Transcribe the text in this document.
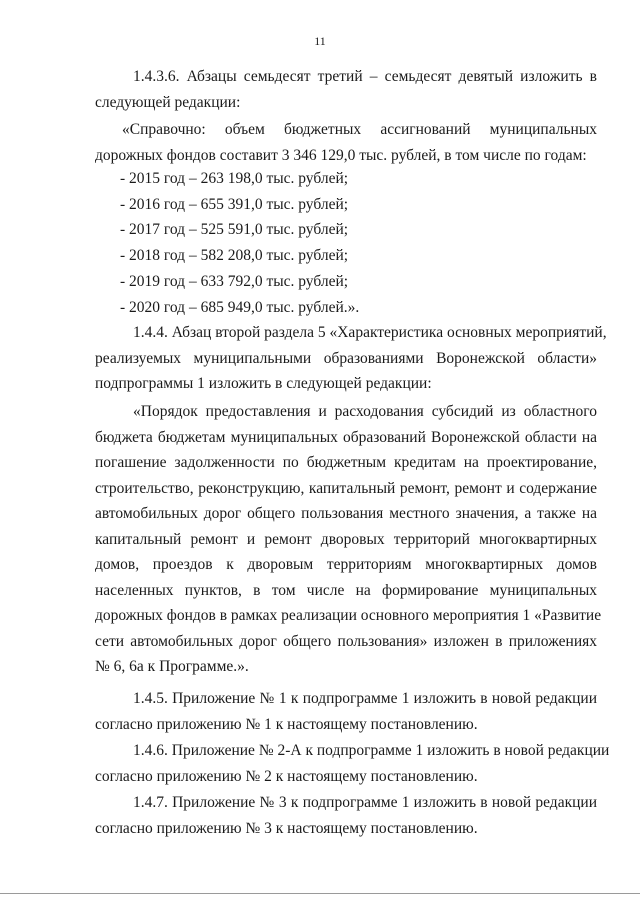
11
1.4.3.6. Абзацы семьдесят третий – семьдесят девятый изложить в
следующей редакции:
«Справочно: объем бюджетных ассигнований муниципальных
дорожных фондов составит 3 346 129,0 тыс. рублей, в том числе по годам:
- 2015 год – 263 198,0 тыс. рублей;
- 2016 год – 655 391,0 тыс. рублей;
- 2017 год – 525 591,0 тыс. рублей;
- 2018 год – 582 208,0 тыс. рублей;
- 2019 год – 633 792,0 тыс. рублей;
- 2020 год – 685 949,0 тыс. рублей.».
1.4.4. Абзац второй раздела 5 «Характеристика основных мероприятий,
реализуемых муниципальными образованиями Воронежской области»
подпрограммы 1 изложить в следующей редакции:
«Порядок предоставления и расходования субсидий из областного
бюджета бюджетам муниципальных образований Воронежской области на
погашение задолженности по бюджетным кредитам на проектирование,
строительство, реконструкцию, капитальный ремонт, ремонт и содержание
автомобильных дорог общего пользования местного значения, а также на
капитальный ремонт и ремонт дворовых территорий многоквартирных
домов, проездов к дворовым территориям многоквартирных домов
населенных пунктов, в том числе на формирование муниципальных
дорожных фондов в рамках реализации основного мероприятия 1 «Развитие
сети автомобильных дорог общего пользования» изложен в приложениях
№ 6, 6а к Программе.».
1.4.5. Приложение № 1 к подпрограмме 1 изложить в новой редакции
согласно приложению № 1 к настоящему постановлению.
1.4.6. Приложение № 2-А к подпрограмме 1 изложить в новой редакции
согласно приложению № 2 к настоящему постановлению.
1.4.7. Приложение № 3 к подпрограмме 1 изложить в новой редакции
согласно приложению № 3 к настоящему постановлению.
